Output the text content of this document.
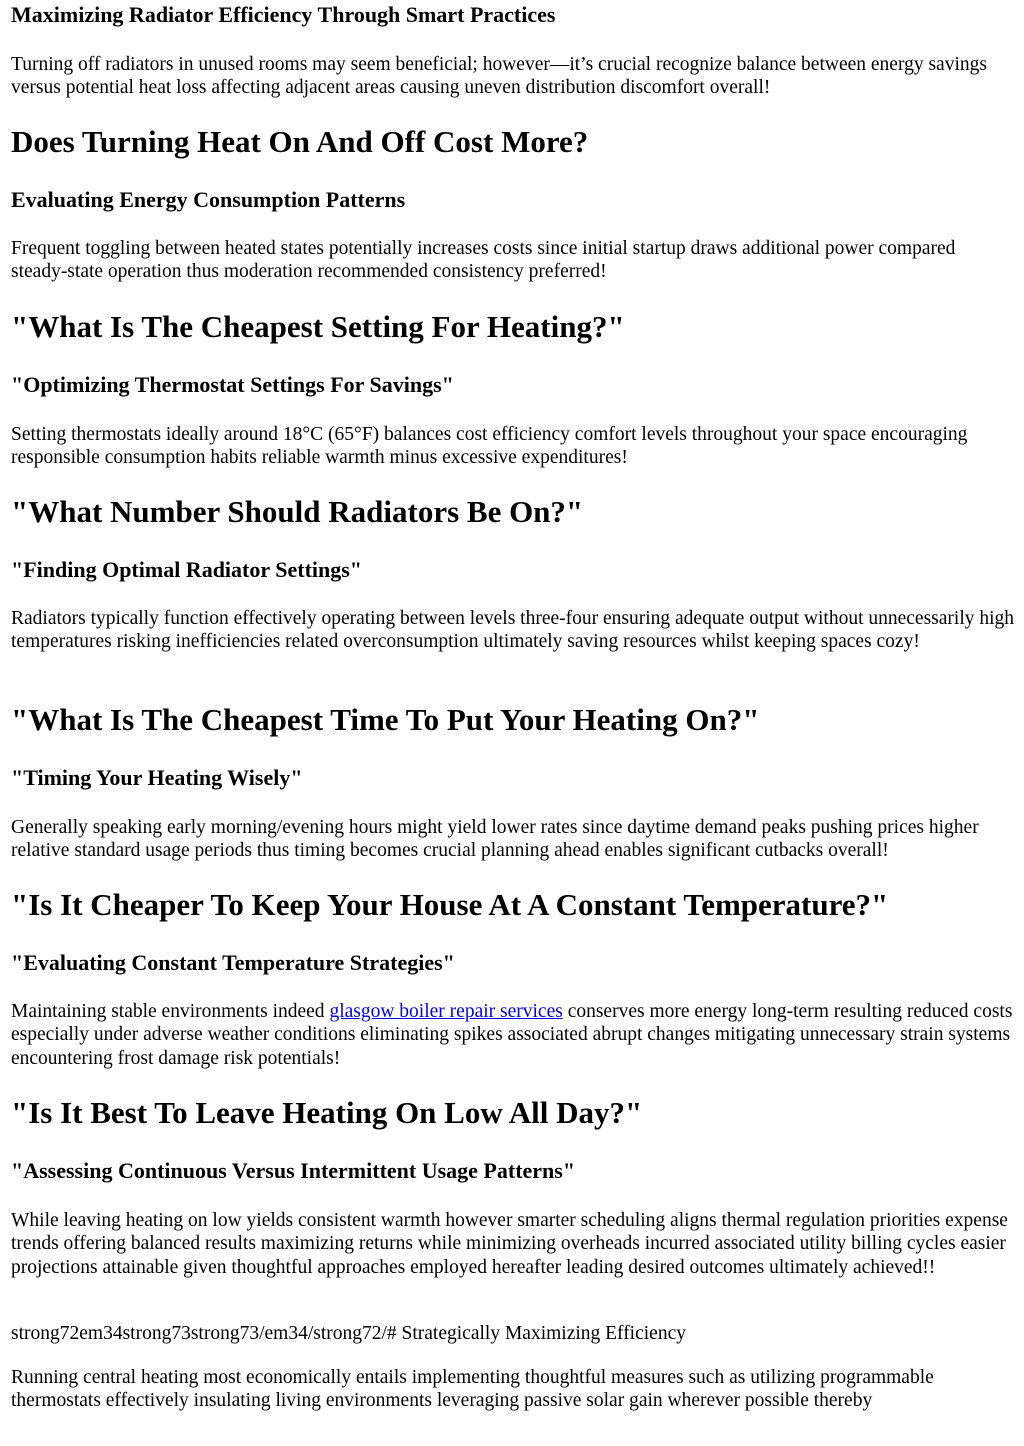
Maximizing Radiator Efficiency Through Smart Practices
Turning off radiators in unused rooms may seem beneficial; however—it’s crucial recognize balance between energy savings versus potential heat loss affecting adjacent areas causing uneven distribution discomfort overall!
Does Turning Heat On And Off Cost More?
Evaluating Energy Consumption Patterns
Frequent toggling between heated states potentially increases costs since initial startup draws additional power compared steady-state operation thus moderation recommended consistency preferred!
"What Is The Cheapest Setting For Heating?"
"Optimizing Thermostat Settings For Savings"
Setting thermostats ideally around 18°C (65°F) balances cost efficiency comfort levels throughout your space encouraging responsible consumption habits reliable warmth minus excessive expenditures!
"What Number Should Radiators Be On?"
"Finding Optimal Radiator Settings"
Radiators typically function effectively operating between levels three-four ensuring adequate output without unnecessarily high temperatures risking inefficiencies related overconsumption ultimately saving resources whilst keeping spaces cozy!
"What Is The Cheapest Time To Put Your Heating On?"
"Timing Your Heating Wisely"
Generally speaking early morning/evening hours might yield lower rates since daytime demand peaks pushing prices higher relative standard usage periods thus timing becomes crucial planning ahead enables significant cutbacks overall!
"Is It Cheaper To Keep Your House At A Constant Temperature?"
"Evaluating Constant Temperature Strategies"
Maintaining stable environments indeed glasgow boiler repair services conserves more energy long-term resulting reduced costs especially under adverse weather conditions eliminating spikes associated abrupt changes mitigating unnecessary strain systems encountering frost damage risk potentials!
"Is It Best To Leave Heating On Low All Day?"
"Assessing Continuous Versus Intermittent Usage Patterns"
While leaving heating on low yields consistent warmth however smarter scheduling aligns thermal regulation priorities expense trends offering balanced results maximizing returns while minimizing overheads incurred associated utility billing cycles easier projections attainable given thoughtful approaches employed hereafter leading desired outcomes ultimately achieved!!
strong72em34strong73strong73/em34/strong72/# Strategically Maximizing Efficiency
Running central heating most economically entails implementing thoughtful measures such as utilizing programmable thermostats effectively insulating living environments leveraging passive solar gain wherever possible thereby
